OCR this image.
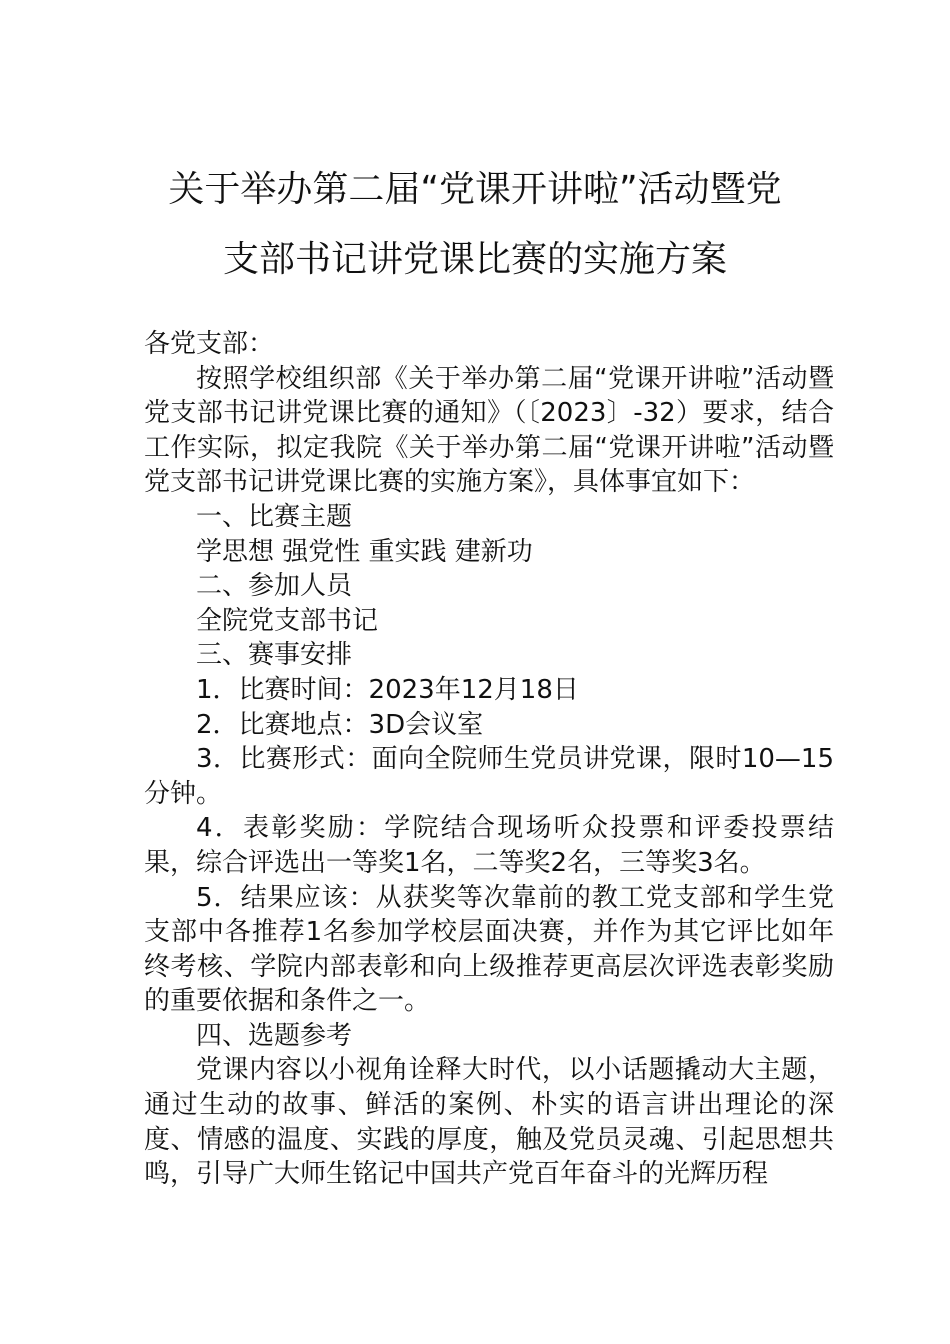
关于举办第二届“党课开讲啦”活动暨党
支部书记讲党课比赛的实施方案

各党支部：

按照学校组织部《关于举办第二届“党课开讲啦”活动暨党支部书记讲党课比赛的通知》（〔2023〕-32）要求，结合工作实际，拟定我院《关于举办第二届“党课开讲啦”活动暨党支部书记讲党课比赛的实施方案》，具体事宜如下：

一、比赛主题

学思想 强党性 重实践 建新功

二、参加人员

全院党支部书记

三、赛事安排

1．比赛时间：2023年12月18日

2．比赛地点：3D会议室

3．比赛形式：面向全院师生党员讲党课，限时10—15分钟。

4．表彰奖励：学院结合现场听众投票和评委投票结果，综合评选出一等奖1名，二等奖2名，三等奖3名。

5．结果应该：从获奖等次靠前的教工党支部和学生党支部中各推荐1名参加学校层面决赛，并作为其它评比如年终考核、学院内部表彰和向上级推荐更高层次评选表彰奖励的重要依据和条件之一。

四、选题参考

党课内容以小视角诠释大时代，以小话题撬动大主题，通过生动的故事、鲜活的案例、朴实的语言讲出理论的深度、情感的温度、实践的厚度，触及党员灵魂、引起思想共鸣，引导广大师生铭记中国共产党百年奋斗的光辉历程
